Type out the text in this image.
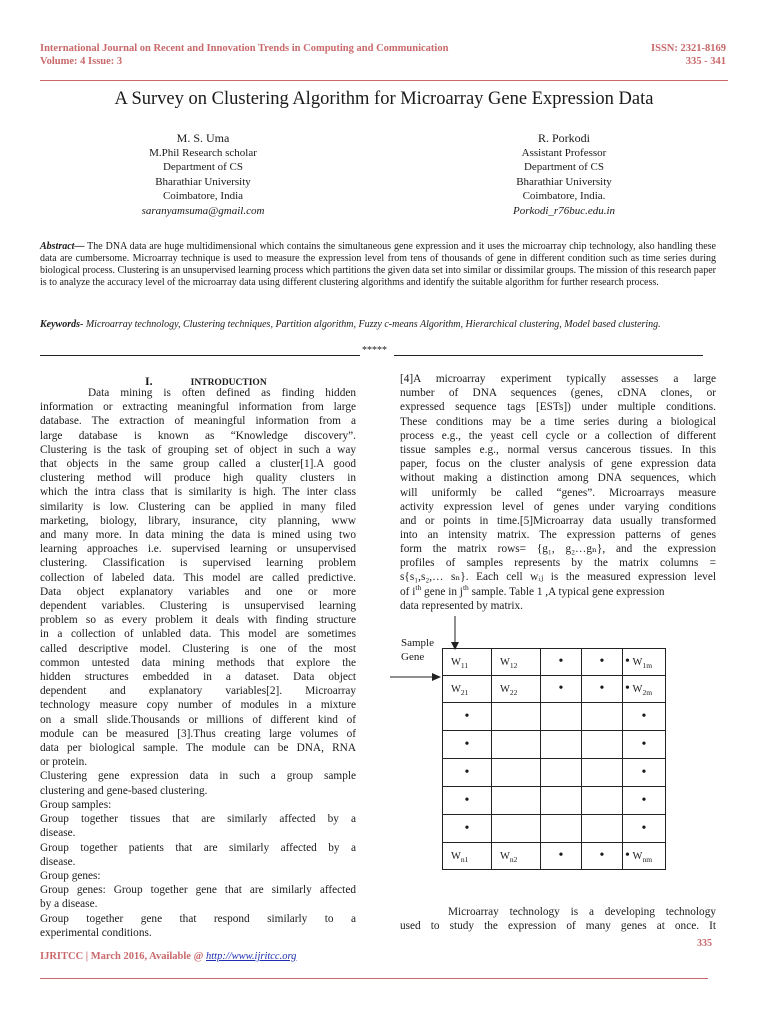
International Journal on Recent and Innovation Trends in Computing and Communication
Volume: 4 Issue: 3
ISSN: 2321-8169
335 - 341
A Survey on Clustering Algorithm for Microarray Gene Expression Data
M. S. Uma
M.Phil Research scholar
Department of CS
Bharathiar University
Coimbatore, India
saranyamsuma@gmail.com
R. Porkodi
Assistant Professor
Department of CS
Bharathiar University
Coimbatore, India.
Porkodi_r76buc.edu.in
Abstract— The DNA data are huge multidimensional which contains the simultaneous gene expression and it uses the microarray chip technology, also handling these data are cumbersome. Microarray technique is used to measure the expression level from tens of thousands of gene in different condition such as time series during biological process. Clustering is an unsupervised learning process which partitions the given data set into similar or dissimilar groups. The mission of this research paper is to analyze the accuracy level of the microarray data using different clustering algorithms and identify the suitable algorithm for further research process.
Keywords- Microarray technology, Clustering techniques, Partition algorithm, Fuzzy c-means Algorithm, Hierarchical clustering, Model based clustering.
*****
I.	INTRODUCTION
Data mining is often defined as finding hidden
information or extracting meaningful information from large
database. The extraction of meaningful information from a
large database is known as “Knowledge discovery”.
Clustering is the task of grouping set of object in such a way
that objects in the same group called a cluster[1].A good
clustering method will produce high quality clusters in
which the intra class that is similarity is high. The inter class
similarity is low. Clustering can be applied in many filed
marketing, biology, library, insurance, city planning, www
and many more. In data mining the data is mined using two
learning approaches i.e. supervised learning or unsupervised
clustering. Classification is supervised learning problem
collection of labeled data. This model are called predictive.
Data object explanatory variables and one or more
dependent variables. Clustering is unsupervised learning
problem so as every problem it deals with finding structure
in a collection of unlabled data. This model are sometimes
called descriptive model. Clustering is one of the most
common untested data mining methods that explore the
hidden structures embedded in a dataset. Data object
dependent and explanatory variables[2]. Microarray
technology measure copy number of modules in a mixture
on a small slide.Thousands or millions of different kind of
module can be measured [3].Thus creating large volumes of
data per biological sample. The module can be DNA, RNA
or protein.
Clustering gene expression data in such a group sample
clustering and gene-based clustering.
Group samples:
Group together tissues that are similarly affected by a
disease.
Group together patients that are similarly affected by a
disease.
Group genes:
Group genes: Group together gene that are similarly affected
by a disease.
Group together gene that respond similarly to a
experimental conditions.
[4]A microarray experiment typically assesses a large
number of DNA sequences (genes, cDNA clones, or
expressed sequence tags [ESTs]) under multiple conditions.
These conditions may be a time series during a biological
process e.g., the yeast cell cycle or a collection of different
tissue samples e.g., normal versus cancerous tissues. In this
paper, focus on the cluster analysis of gene expression data
without making a distinction among DNA sequences, which
will uniformly be called “genes”. Microarrays measure
activity expression level of genes under varying conditions
and or points in time.[5]Microarray data usually transformed
into an intensity matrix. The expression patterns of genes
form the matrix rows= {g₁, g₂…gₙ}, and the expression
profiles of samples represents by the matrix columns =
s{s₁,s₂,… sₙ}. Each cell wᵢⱼ is the measured expression level
of $i^{th}$ gene in $j^{th}$ sample. Table 1 ,A typical gene expression
data represented by matrix.
Sample
Gene	$W_{11}$	$W_{12}$	•	•	• $W_{1m}$
$W_{21}$	$W_{22}$	•	•	• $W_{2m}$
•				•
•				•
•				•
•				•
•				•
$W_{n1}$	$W_{n2}$	•	•	• $W_{nm}$
Microarray technology is a developing technology
used to study the expression of many genes at once. It
335
IJRITCC | March 2016, Available @ http://www.ijritcc.org
